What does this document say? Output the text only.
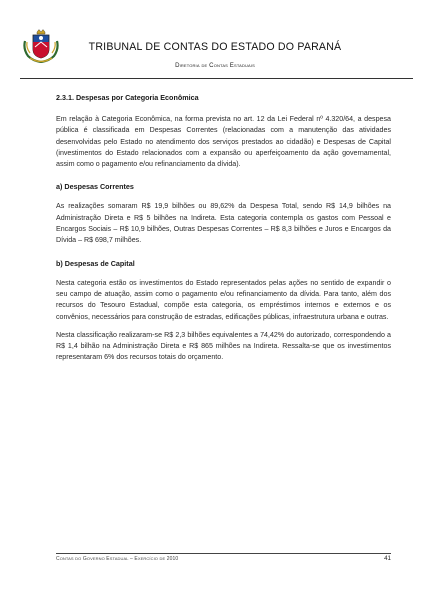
TRIBUNAL DE CONTAS DO ESTADO DO PARANÁ
Diretoria de Contas Estaduais

2.3.1. Despesas por Categoria Econômica

Em relação à Categoria Econômica, na forma prevista no art. 12 da Lei Federal nº 4.320/64, a despesa pública é classificada em Despesas Correntes (relacionadas com a manutenção das atividades desenvolvidas pelo Estado no atendimento dos serviços prestados ao cidadão) e Despesas de Capital (investimentos do Estado relacionados com a expansão ou aperfeiçoamento da ação governamental, assim como o pagamento e/ou refinanciamento da dívida).

a) Despesas Correntes

As realizações somaram R$ 19,9 bilhões ou 89,62% da Despesa Total, sendo R$ 14,9 bilhões na Administração Direta e R$ 5 bilhões na Indireta. Esta categoria contempla os gastos com Pessoal e Encargos Sociais – R$ 10,9 bilhões, Outras Despesas Correntes – R$ 8,3 bilhões e Juros e Encargos da Dívida – R$ 698,7 milhões.

b) Despesas de Capital

Nesta categoria estão os investimentos do Estado representados pelas ações no sentido de expandir o seu campo de atuação, assim como o pagamento e/ou refinanciamento da dívida. Para tanto, além dos recursos do Tesouro Estadual, compõe esta categoria, os empréstimos internos e externos e os convênios, necessários para construção de estradas, edificações públicas, infraestrutura urbana e outras.

Nesta classificação realizaram-se R$ 2,3 bilhões equivalentes a 74,42% do autorizado, correspondendo a R$ 1,4 bilhão na Administração Direta e R$ 865 milhões na Indireta. Ressalta-se que os investimentos representaram 6% dos recursos totais do orçamento.

Contas do Governo Estadual – Exercício de 2010	41
